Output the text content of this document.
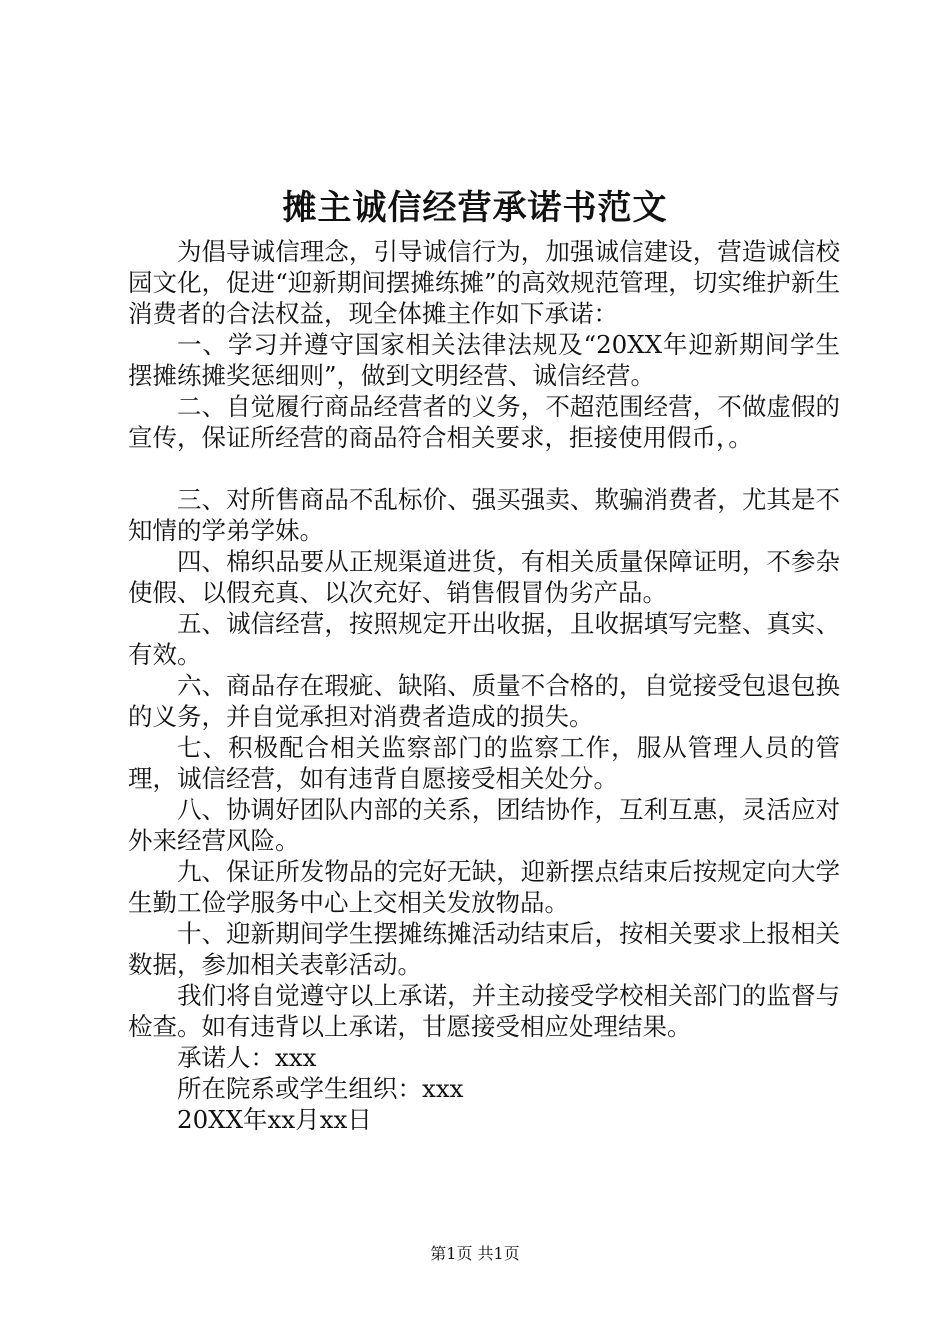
摊主诚信经营承诺书范文

为倡导诚信理念，引导诚信行为，加强诚信建设，营造诚信校园文化，促进“迎新期间摆摊练摊”的高效规范管理，切实维护新生消费者的合法权益，现全体摊主作如下承诺：

一、学习并遵守国家相关法律法规及“20XX年迎新期间学生摆摊练摊奖惩细则”，做到文明经营、诚信经营。

二、自觉履行商品经营者的义务，不超范围经营，不做虚假的宣传，保证所经营的商品符合相关要求，拒接使用假币，。

三、对所售商品不乱标价、强买强卖、欺骗消费者，尤其是不知情的学弟学妹。

四、棉织品要从正规渠道进货，有相关质量保障证明，不参杂使假、以假充真、以次充好、销售假冒伪劣产品。

五、诚信经营，按照规定开出收据，且收据填写完整、真实、有效。

六、商品存在瑕疵、缺陷、质量不合格的，自觉接受包退包换的义务，并自觉承担对消费者造成的损失。

七、积极配合相关监察部门的监察工作，服从管理人员的管理，诚信经营，如有违背自愿接受相关处分。

八、协调好团队内部的关系，团结协作，互利互惠，灵活应对外来经营风险。

九、保证所发物品的完好无缺，迎新摆点结束后按规定向大学生勤工俭学服务中心上交相关发放物品。

十、迎新期间学生摆摊练摊活动结束后，按相关要求上报相关数据，参加相关表彰活动。

我们将自觉遵守以上承诺，并主动接受学校相关部门的监督与检查。如有违背以上承诺，甘愿接受相应处理结果。

承诺人：xxx

所在院系或学生组织：xxx

20XX年xx月xx日

第1页 共1页
